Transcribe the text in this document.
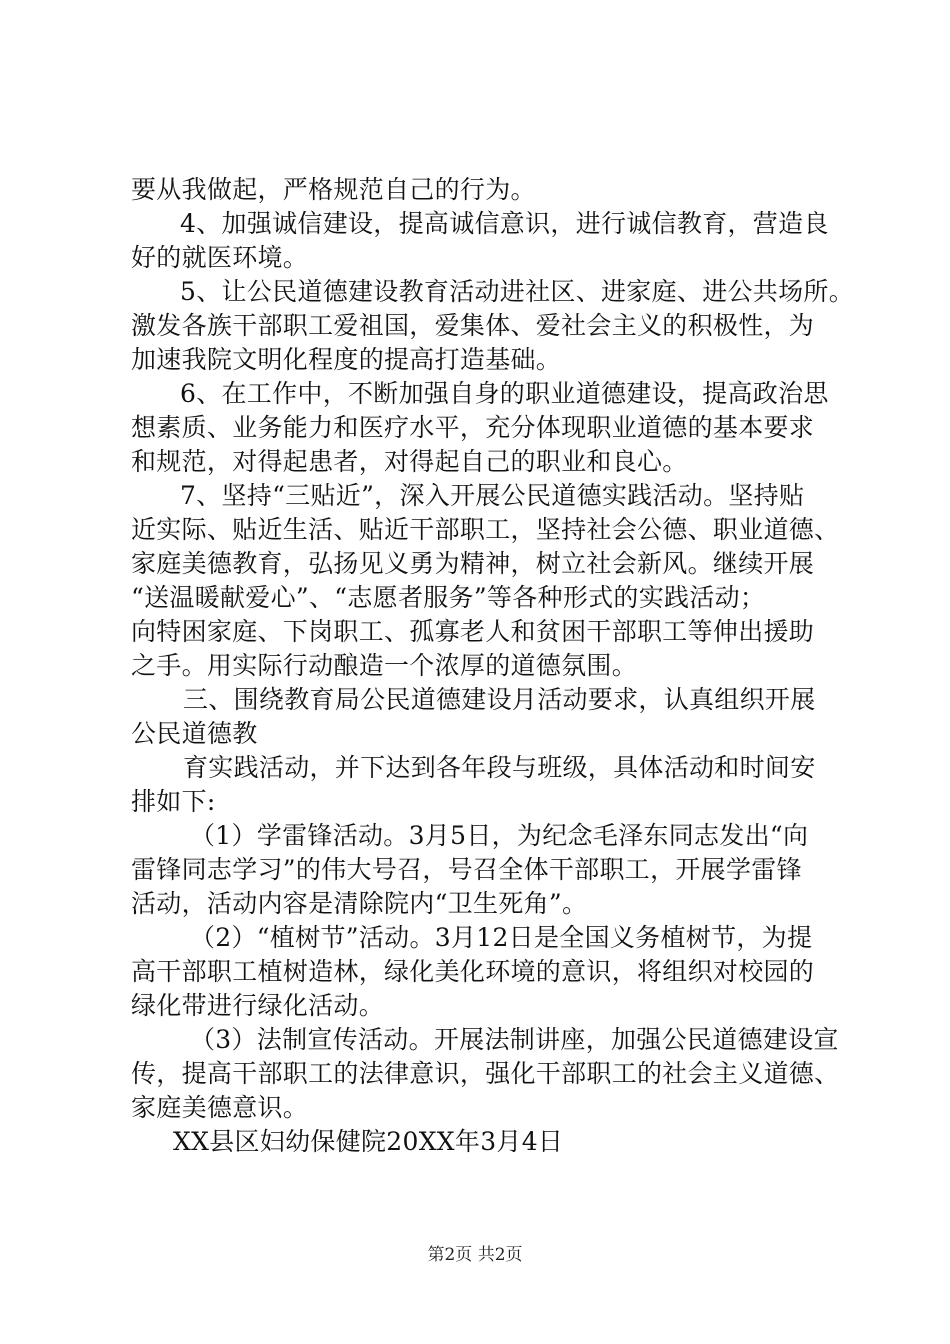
要从我做起，严格规范自己的行为。
4、加强诚信建设，提高诚信意识，进行诚信教育，营造良
好的就医环境。
5、让公民道德建设教育活动进社区、进家庭、进公共场所。
激发各族干部职工爱祖国，爱集体、爱社会主义的积极性，为
加速我院文明化程度的提高打造基础。
6、在工作中，不断加强自身的职业道德建设，提高政治思
想素质、业务能力和医疗水平，充分体现职业道德的基本要求
和规范，对得起患者，对得起自己的职业和良心。
7、坚持“三贴近”，深入开展公民道德实践活动。坚持贴
近实际、贴近生活、贴近干部职工，坚持社会公德、职业道德、
家庭美德教育，弘扬见义勇为精神，树立社会新风。继续开展
“送温暖献爱心”、“志愿者服务”等各种形式的实践活动；
向特困家庭、下岗职工、孤寡老人和贫困干部职工等伸出援助
之手。用实际行动酿造一个浓厚的道德氛围。
三、围绕教育局公民道德建设月活动要求，认真组织开展
公民道德教
育实践活动，并下达到各年段与班级，具体活动和时间安
排如下:
（1）学雷锋活动。3月5日，为纪念毛泽东同志发出“向
雷锋同志学习”的伟大号召，号召全体干部职工，开展学雷锋
活动，活动内容是清除院内“卫生死角”。
（2）“植树节”活动。3月12日是全国义务植树节，为提
高干部职工植树造林，绿化美化环境的意识，将组织对校园的
绿化带进行绿化活动。
（3）法制宣传活动。开展法制讲座，加强公民道德建设宣
传，提高干部职工的法律意识，强化干部职工的社会主义道德、
家庭美德意识。
XX县区妇幼保健院20XX年3月4日
第2页 共2页
